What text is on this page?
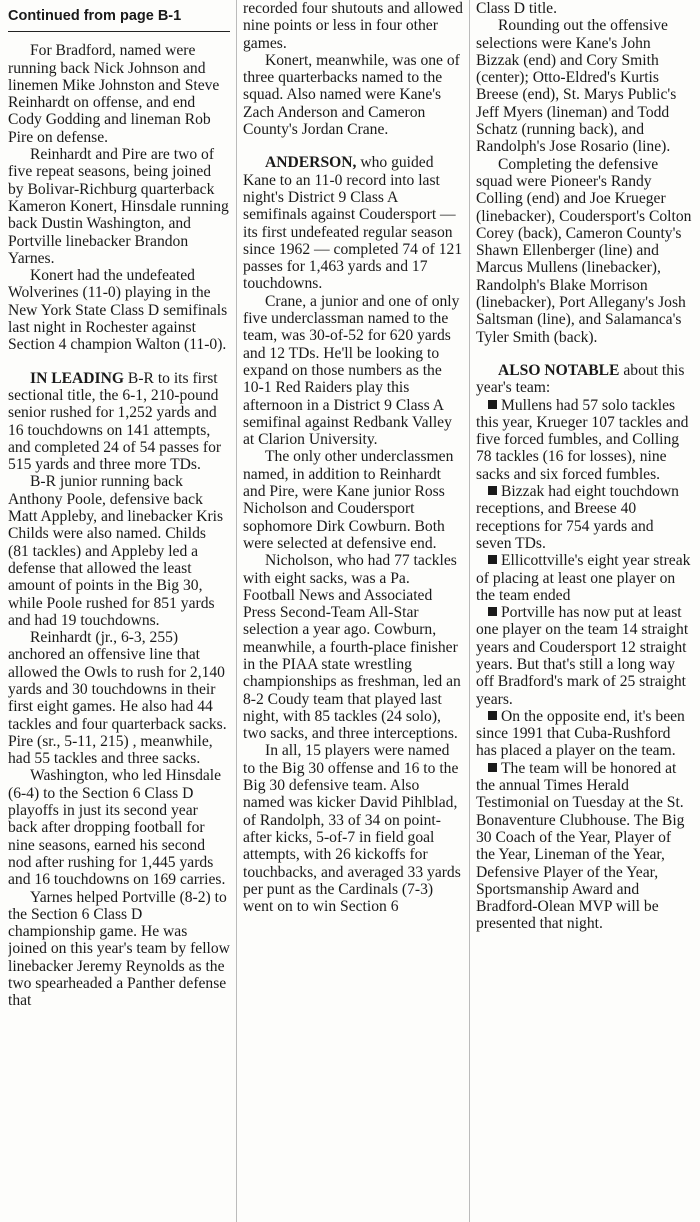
Continued from page B-1

For Bradford, named were running back Nick Johnson and linemen Mike Johnston and Steve Reinhardt on offense, and end Cody Godding and lineman Rob Pire on defense.

Reinhardt and Pire are two of five repeat seasons, being joined by Bolivar-Richburg quarterback Kameron Konert, Hinsdale running back Dustin Washington, and Portville linebacker Brandon Yarnes.

Konert had the undefeated Wolverines (11-0) playing in the New York State Class D semifinals last night in Rochester against Section 4 champion Walton (11-0).

IN LEADING B-R to its first sectional title, the 6-1, 210-pound senior rushed for 1,252 yards and 16 touchdowns on 141 attempts, and completed 24 of 54 passes for 515 yards and three more TDs.

B-R junior running back Anthony Poole, defensive back Matt Appleby, and linebacker Kris Childs were also named. Childs (81 tackles) and Appleby led a defense that allowed the least amount of points in the Big 30, while Poole rushed for 851 yards and had 19 touchdowns.

Reinhardt (jr., 6-3, 255) anchored an offensive line that allowed the Owls to rush for 2,140 yards and 30 touchdowns in their first eight games. He also had 44 tackles and four quarterback sacks. Pire (sr., 5-11, 215) , meanwhile, had 55 tackles and three sacks.

Washington, who led Hinsdale (6-4) to the Section 6 Class D playoffs in just its second year back after dropping football for nine seasons, earned his second nod after rushing for 1,445 yards and 16 touchdowns on 169 carries.

Yarnes helped Portville (8-2) to the Section 6 Class D championship game. He was joined on this year's team by fellow linebacker Jeremy Reynolds as the two spearheaded a Panther defense that

recorded four shutouts and allowed nine points or less in four other games.

Konert, meanwhile, was one of three quarterbacks named to the squad. Also named were Kane's Zach Anderson and Cameron County's Jordan Crane.

ANDERSON, who guided Kane to an 11-0 record into last night's District 9 Class A semifinals against Coudersport — its first undefeated regular season since 1962 — completed 74 of 121 passes for 1,463 yards and 17 touchdowns.

Crane, a junior and one of only five underclassman named to the team, was 30-of-52 for 620 yards and 12 TDs. He'll be looking to expand on those numbers as the 10-1 Red Raiders play this afternoon in a District 9 Class A semifinal against Redbank Valley at Clarion University.

The only other underclassmen named, in addition to Reinhardt and Pire, were Kane junior Ross Nicholson and Coudersport sophomore Dirk Cowburn. Both were selected at defensive end.

Nicholson, who had 77 tackles with eight sacks, was a Pa. Football News and Associated Press Second-Team All-Star selection a year ago. Cowburn, meanwhile, a fourth-place finisher in the PIAA state wrestling championships as freshman, led an 8-2 Coudy team that played last night, with 85 tackles (24 solo), two sacks, and three interceptions.

In all, 15 players were named to the Big 30 offense and 16 to the Big 30 defensive team. Also named was kicker David Pihlblad, of Randolph, 33 of 34 on point-after kicks, 5-of-7 in field goal attempts, with 26 kickoffs for touchbacks, and averaged 33 yards per punt as the Cardinals (7-3) went on to win Section 6

Class D title.

Rounding out the offensive selections were Kane's John Bizzak (end) and Cory Smith (center); Otto-Eldred's Kurtis Breese (end), St. Marys Public's Jeff Myers (lineman) and Todd Schatz (running back), and Randolph's Jose Rosario (line).

Completing the defensive squad were Pioneer's Randy Colling (end) and Joe Krueger (linebacker), Coudersport's Colton Corey (back), Cameron County's Shawn Ellenberger (line) and Marcus Mullens (linebacker), Randolph's Blake Morrison (linebacker), Port Allegany's Josh Saltsman (line), and Salamanca's Tyler Smith (back).

ALSO NOTABLE about this year's team:

Mullens had 57 solo tackles this year, Krueger 107 tackles and five forced fumbles, and Colling 78 tackles (16 for losses), nine sacks and six forced fumbles.

Bizzak had eight touchdown receptions, and Breese 40 receptions for 754 yards and seven TDs.

Ellicottville's eight year streak of placing at least one player on the team ended

Portville has now put at least one player on the team 14 straight years and Coudersport 12 straight years. But that's still a long way off Bradford's mark of 25 straight years.

On the opposite end, it's been since 1991 that Cuba-Rushford has placed a player on the team.

The team will be honored at the annual Times Herald Testimonial on Tuesday at the St. Bonaventure Clubhouse. The Big 30 Coach of the Year, Player of the Year, Lineman of the Year, Defensive Player of the Year, Sportsmanship Award and Bradford-Olean MVP will be presented that night.
